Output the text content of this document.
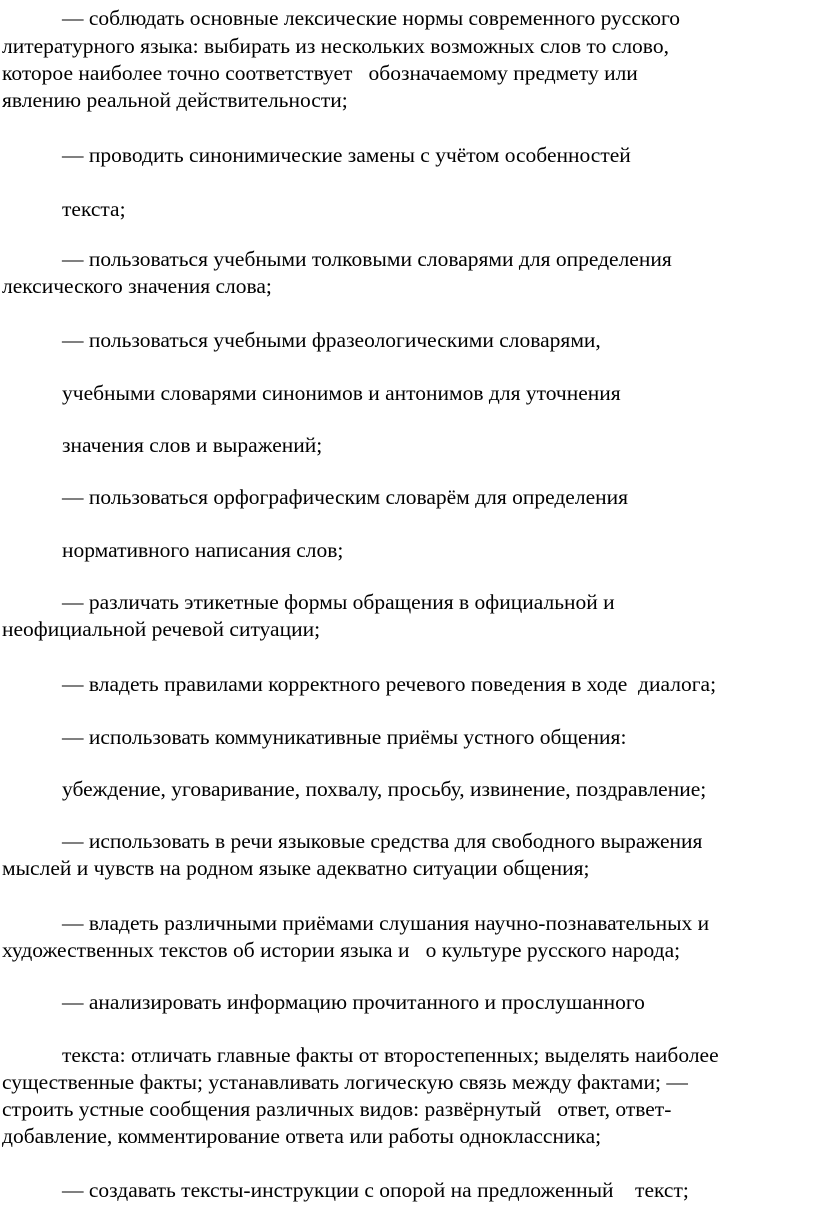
— соблюдать основные лексические нормы современного русского
литературного языка: выбирать из нескольких возможных слов то слово,
которое наиболее точно соответствует   обозначаемому предмету или
явлению реальной действительности;
— проводить синонимические замены с учётом особенностей
текста;
— пользоваться учебными толковыми словарями для определения
лексического значения слова;
— пользоваться учебными фразеологическими словарями,
учебными словарями синонимов и антонимов для уточнения
значения слов и выражений;
— пользоваться орфографическим словарём для определения
нормативного написания слов;
— различать этикетные формы обращения в официальной и
неофициальной речевой ситуации;
— владеть правилами корректного речевого поведения в ходе  диалога;
— использовать коммуникативные приёмы устного общения:
убеждение, уговаривание, похвалу, просьбу, извинение, поздравление;
— использовать в речи языковые средства для свободного выражения
мыслей и чувств на родном языке адекватно ситуации общения;
— владеть различными приёмами слушания научно-познавательных и
художественных текстов об истории языка и   о культуре русского народа;
— анализировать информацию прочитанного и прослушанного
текста: отличать главные факты от второстепенных; выделять наиболее
существенные факты; устанавливать логическую связь между фактами; —
строить устные сообщения различных видов: развёрнутый   ответ, ответ-
добавление, комментирование ответа или работы одноклассника;
— создавать тексты-инструкции с опорой на предложенный    текст;
